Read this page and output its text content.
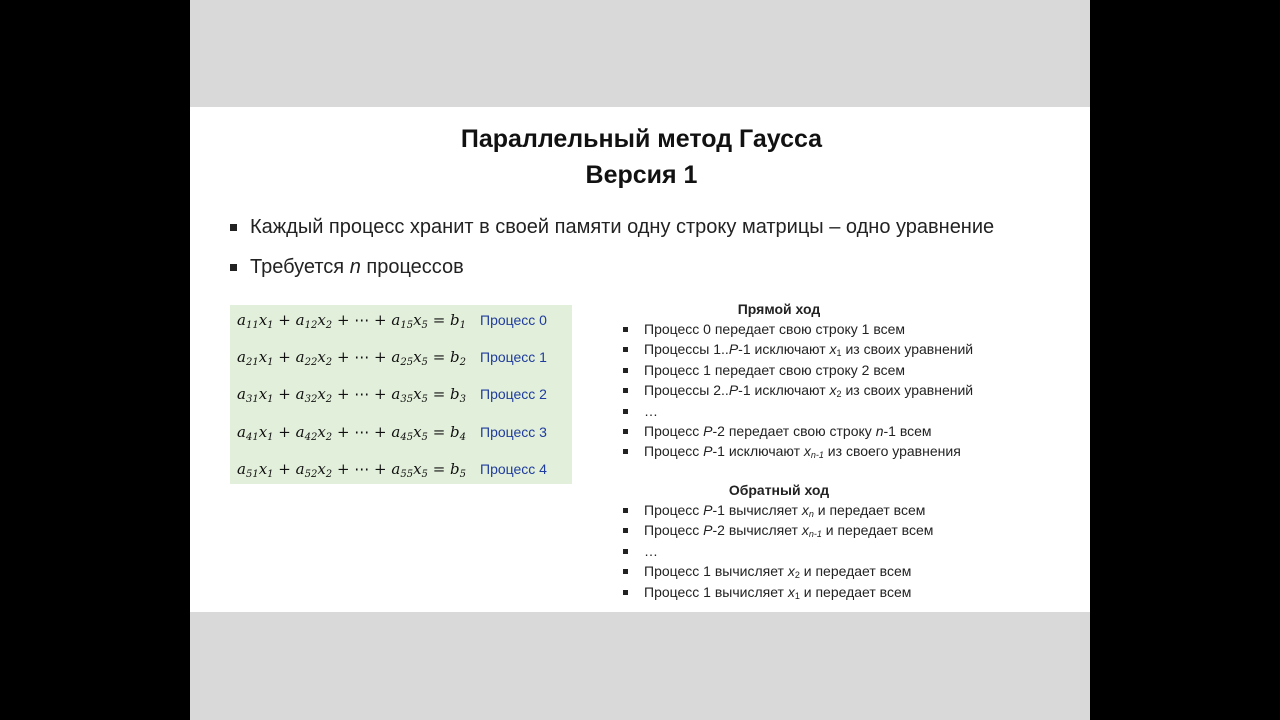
Параллельный метод Гаусса
Версия 1
Каждый процесс хранит в своей памяти одну строку матрицы – одно уравнение
Требуется n процессов
$a_{11}x_1 + a_{12}x_2$ + ⋯ + $a_{15}x_5 = b_1$ Процесс 0
$a_{21}x_1 + a_{22}x_2$ + ⋯ + $a_{25}x_5 = b_2$ Процесс 1
$a_{31}x_1 + a_{32}x_2$ + ⋯ + $a_{35}x_5 = b_3$ Процесс 2
$a_{41}x_1 + a_{42}x_2$ + ⋯ + $a_{45}x_5 = b_4$ Процесс 3
$a_{51}x_1 + a_{52}x_2$ + ⋯ + $a_{55}x_5 = b_5$ Процесс 4
Прямой ход
Процесс 0 передает свою строку 1 всем
Процессы 1..P-1 исключают $x_1$ из своих уравнений
Процесс 1 передает свою строку 2 всем
Процессы 2..P-1 исключают $x_2$ из своих уравнений
…
Процесс P-2 передает свою строку n-1 всем
Процесс P-1 исключают $x_{n-1}$ из своего уравнения
Обратный ход
Процесс P-1 вычисляет $x_n$ и передает всем
Процесс P-2 вычисляет $x_{n-1}$ и передает всем
…
Процесс 1 вычисляет $x_2$ и передает всем
Процесс 1 вычисляет $x_1$ и передает всем
